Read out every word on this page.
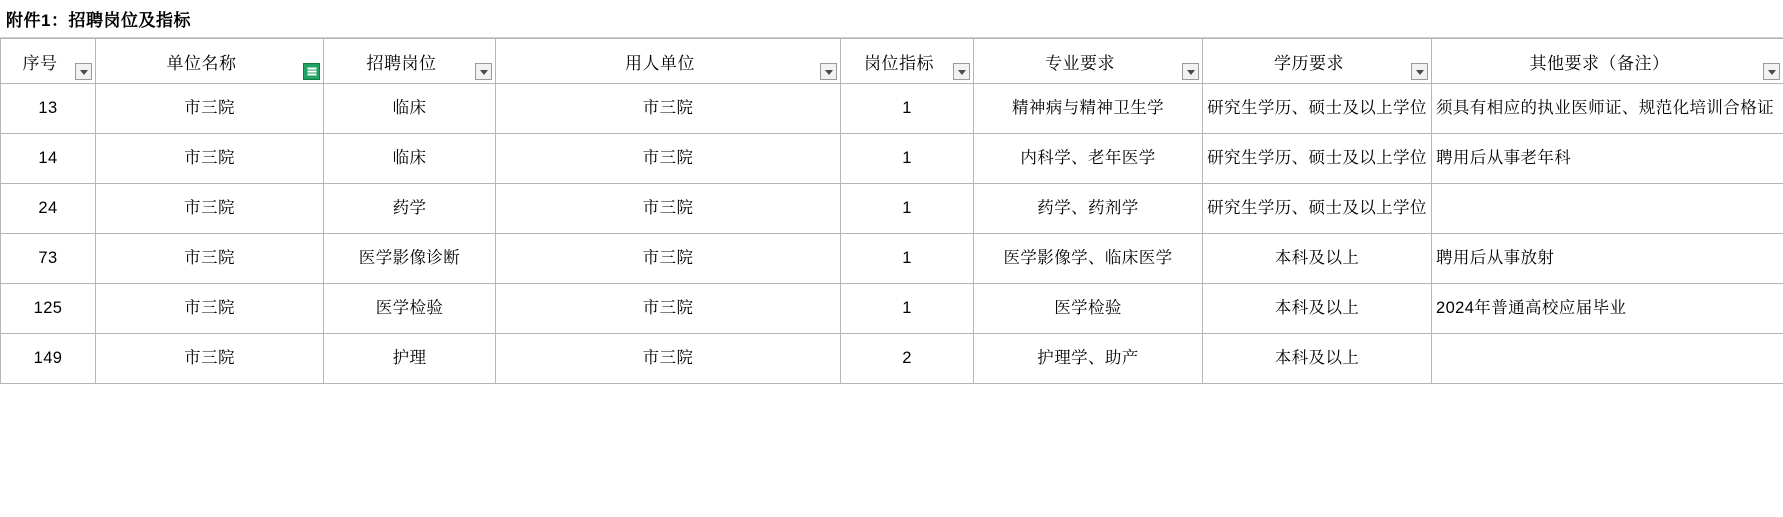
附件1：招聘岗位及指标
序号	单位名称	招聘岗位	用人单位	岗位指标	专业要求	学历要求	其他要求（备注）

13	市三院	临床	市三院	1	精神病与精神卫生学	研究生学历、硕士及以上学位	须具有相应的执业医师证、规范化培训合格证
14	市三院	临床	市三院	1	内科学、老年医学	研究生学历、硕士及以上学位	聘用后从事老年科
24	市三院	药学	市三院	1	药学、药剂学	研究生学历、硕士及以上学位	
73	市三院	医学影像诊断	市三院	1	医学影像学、临床医学	本科及以上	聘用后从事放射
125	市三院	医学检验	市三院	1	医学检验	本科及以上	2024年普通高校应届毕业
149	市三院	护理	市三院	2	护理学、助产	本科及以上	
